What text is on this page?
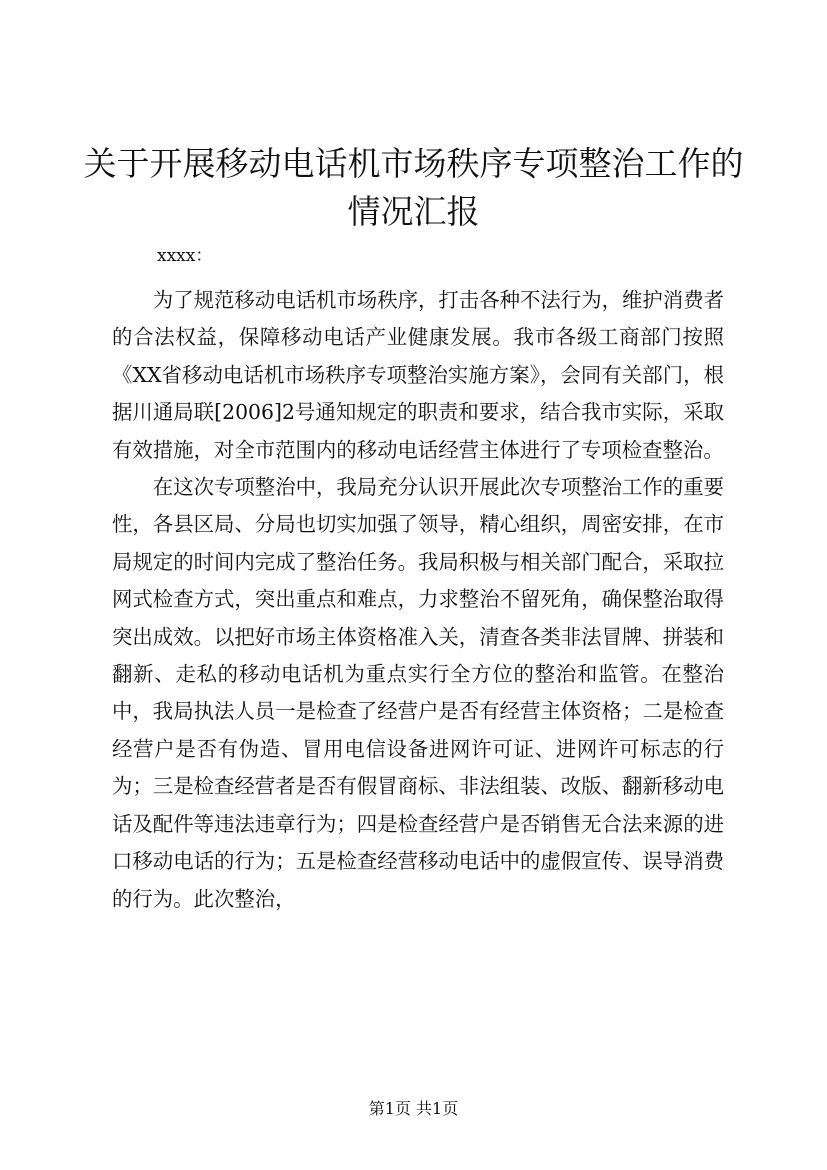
关于开展移动电话机市场秩序专项整治工作的
情况汇报

xxxx：

为了规范移动电话机市场秩序，打击各种不法行为，维护消费者的合法权益，保障移动电话产业健康发展。我市各级工商部门按照《XX省移动电话机市场秩序专项整治实施方案》，会同有关部门，根据川通局联[2006]2号通知规定的职责和要求，结合我市实际，采取有效措施，对全市范围内的移动电话经营主体进行了专项检查整治。

在这次专项整治中，我局充分认识开展此次专项整治工作的重要性，各县区局、分局也切实加强了领导，精心组织，周密安排，在市局规定的时间内完成了整治任务。我局积极与相关部门配合，采取拉网式检查方式，突出重点和难点，力求整治不留死角，确保整治取得突出成效。以把好市场主体资格准入关，清查各类非法冒牌、拼装和翻新、走私的移动电话机为重点实行全方位的整治和监管。在整治中，我局执法人员一是检查了经营户是否有经营主体资格；二是检查经营户是否有伪造、冒用电信设备进网许可证、进网许可标志的行为；三是检查经营者是否有假冒商标、非法组装、改版、翻新移动电话及配件等违法违章行为；四是检查经营户是否销售无合法来源的进口移动电话的行为；五是检查经营移动电话中的虚假宣传、误导消费的行为。此次整治，

第1页 共1页
